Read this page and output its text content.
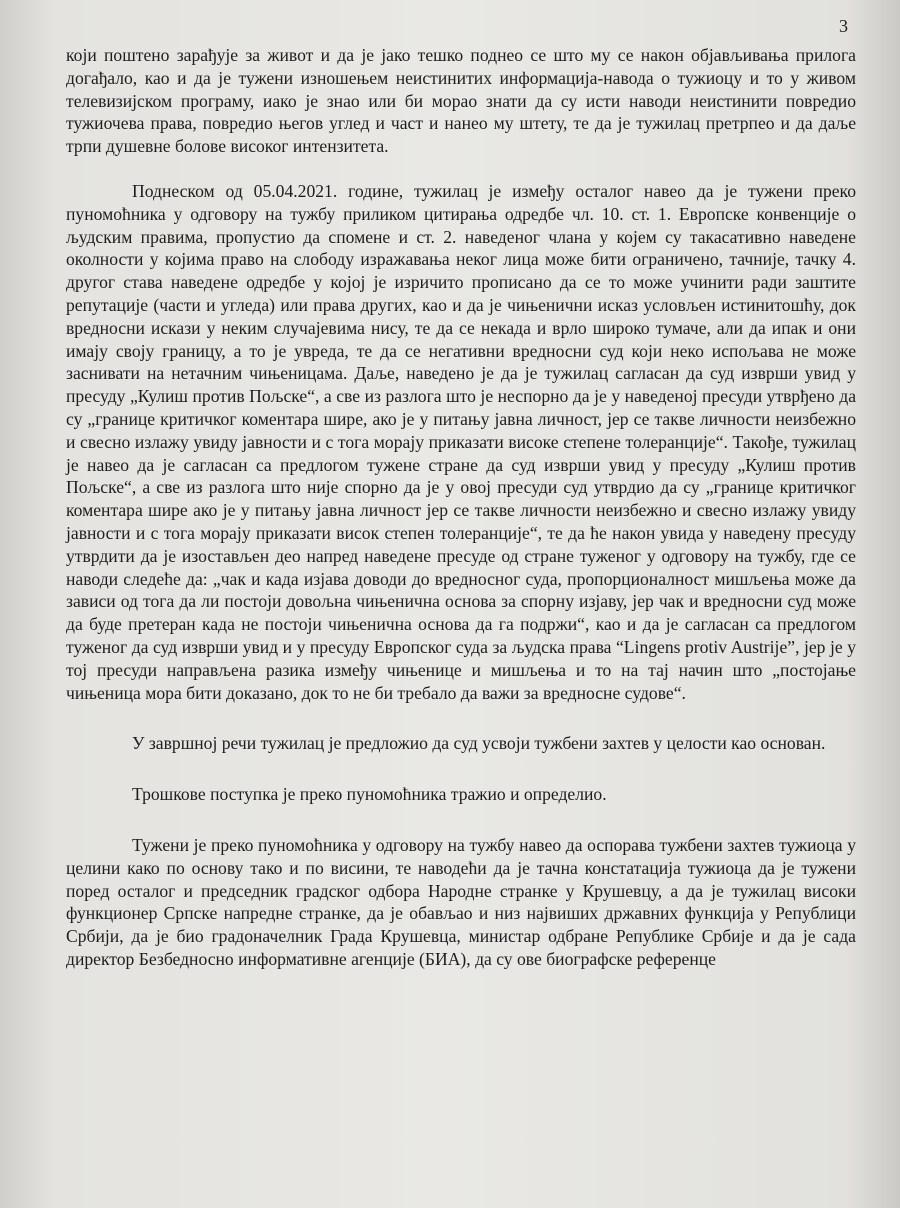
3

који поштено зарађује за живот и да је јако тешко поднео се што му се након објављивања прилога догађало, као и да је тужени изношењем неистинитих информација-навода о тужиоцу и то у живом телевизијском програму, иако је знао или би морао знати да су исти наводи неистинити повредио тужиочева права, повредио његов углед и част и нанео му штету, те да је тужилац претрпео и да даље трпи душевне болове високог интензитета.

Поднеском од 05.04.2021. године, тужилац је између осталог навео да је тужени преко пуномоћника у одговору на тужбу приликом цитирања одредбе чл. 10. ст. 1. Европске конвенције о људским правима, пропустио да спомене и ст. 2. наведеног члана у којем су такасативно наведене околности у којима право на слободу изражавања неког лица може бити ограничено, тачније, тачку 4. другог става наведене одредбе у којој је изричито прописано да се то може учинити ради заштите репутације (части и угледа) или права других, као и да је чињенични исказ условљен истинитошћу, док вредносни искази у неким случајевима нису, те да се некада и врло широко тумаче, али да ипак и они имају своју границу, а то је увреда, те да се негативни вредносни суд који неко испољава не може заснивати на нетачним чињеницама. Даље, наведено је да је тужилац сагласан да суд изврши увид у пресуду „Кулиш против Пољске“, а све из разлога што је неспорно да је у наведеној пресуди утврђено да су „границе критичког коментара шире, ако је у питању јавна личност, јер се такве личности неизбежно и свесно излажу увиду јавности и с тога морају приказати високе степене толеранције“. Такође, тужилац је навео да је сагласан са предлогом тужене стране да суд изврши увид у пресуду „Кулиш против Пољске“, а све из разлога што није спорно да је у овој пресуди суд утврдио да су „границе критичког коментара шире ако је у питању јавна личност јер се такве личности неизбежно и свесно излажу увиду јавности и с тога морају приказати висок степен толеранције“, те да ће након увида у наведену пресуду утврдити да је изостављен део напред наведене пресуде од стране туженог у одговору на тужбу, где се наводи следеће да: „чак и када изјава доводи до вредносног суда, пропорционалност мишљења може да зависи од тога да ли постоји довољна чињенична основа за спорну изјаву, јер чак и вредносни суд може да буде претеран када не постоји чињенична основа да га подржи“, као и да је сагласан са предлогом туженог да суд изврши увид и у пресуду Европског суда за људска права “Lingens protiv Austrije”, јер је у тој пресуди направљена разика између чињенице и мишљења и то на тај начин што „постојање чињеница мора бити доказано, док то не би требало да важи за вредносне судове“.

У завршној речи тужилац је предложио да суд усвоји тужбени захтев у целости као основан.

Трошкове поступка је преко пуномоћника тражио и определио.

Тужени је преко пуномоћника у одговору на тужбу навео да оспорава тужбени захтев тужиоца у целини како по основу тако и по висини, те наводећи да је тачна констатација тужиоца да је тужени поред осталог и председник градског одбора Народне странке у Крушевцу, а да је тужилац високи функционер Српске напредне странке, да је обављао и низ највиших државних функција у Републици Србији, да је био градоначелник Града Крушевца, министар одбране Републике Србије и да је сада директор Безбедносно информативне агенције (БИА), да су ове биографске референце
